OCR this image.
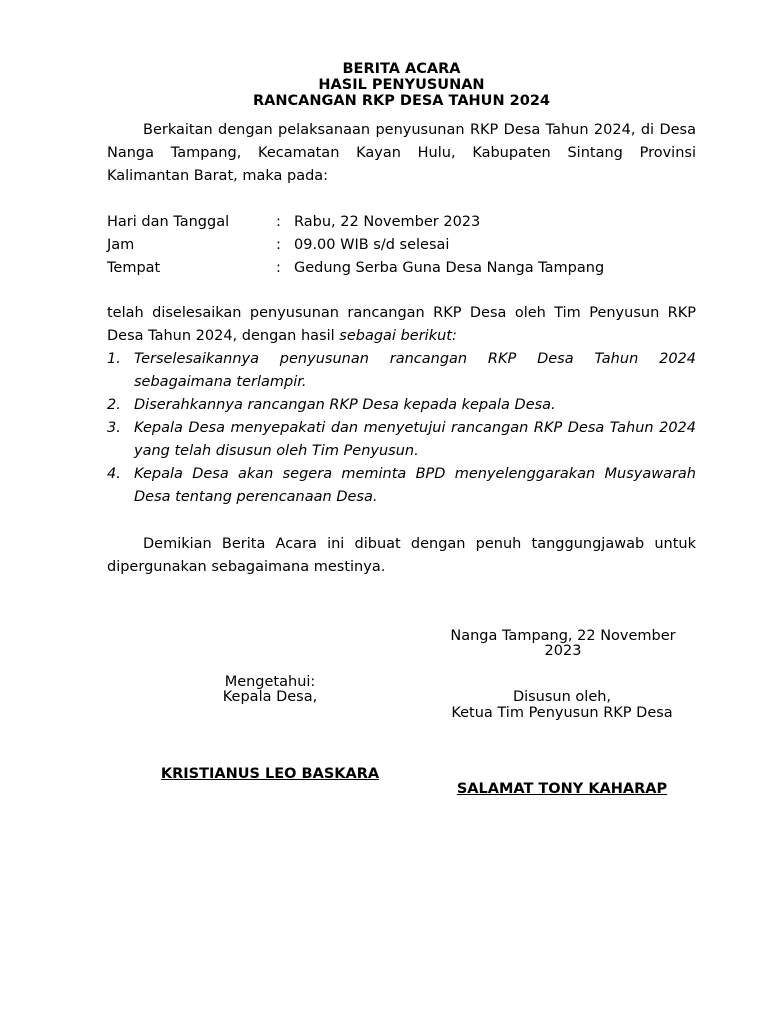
BERITA ACARA
HASIL PENYUSUNAN
RANCANGAN RKP DESA TAHUN 2024

Berkaitan dengan pelaksanaan penyusunan RKP Desa Tahun 2024, di Desa Nanga Tampang, Kecamatan Kayan Hulu, Kabupaten Sintang Provinsi Kalimantan Barat, maka pada:

Hari dan Tanggal	: Rabu, 22 November 2023
Jam	: 09.00 WIB s/d selesai
Tempat	: Gedung Serba Guna Desa Nanga Tampang

telah diselesaikan penyusunan rancangan RKP Desa oleh Tim Penyusun RKP Desa Tahun 2024, dengan hasil sebagai berikut:

1. Terselesaikannya penyusunan rancangan RKP Desa Tahun 2024 sebagaimana terlampir.
2. Diserahkannya rancangan RKP Desa kepada kepala Desa.
3. Kepala Desa menyepakati dan menyetujui rancangan RKP Desa Tahun 2024 yang telah disusun oleh Tim Penyusun.
4. Kepala Desa akan segera meminta BPD menyelenggarakan Musyawarah Desa tentang perencanaan Desa.

Demikian Berita Acara ini dibuat dengan penuh tanggungjawab untuk dipergunakan sebagaimana mestinya.

Nanga Tampang, 22 November 2023
Mengetahui:
Kepala Desa,	Disusun oleh,
Ketua Tim Penyusun RKP Desa
KRISTIANUS LEO BASKARA
SALAMAT TONY KAHARAP
